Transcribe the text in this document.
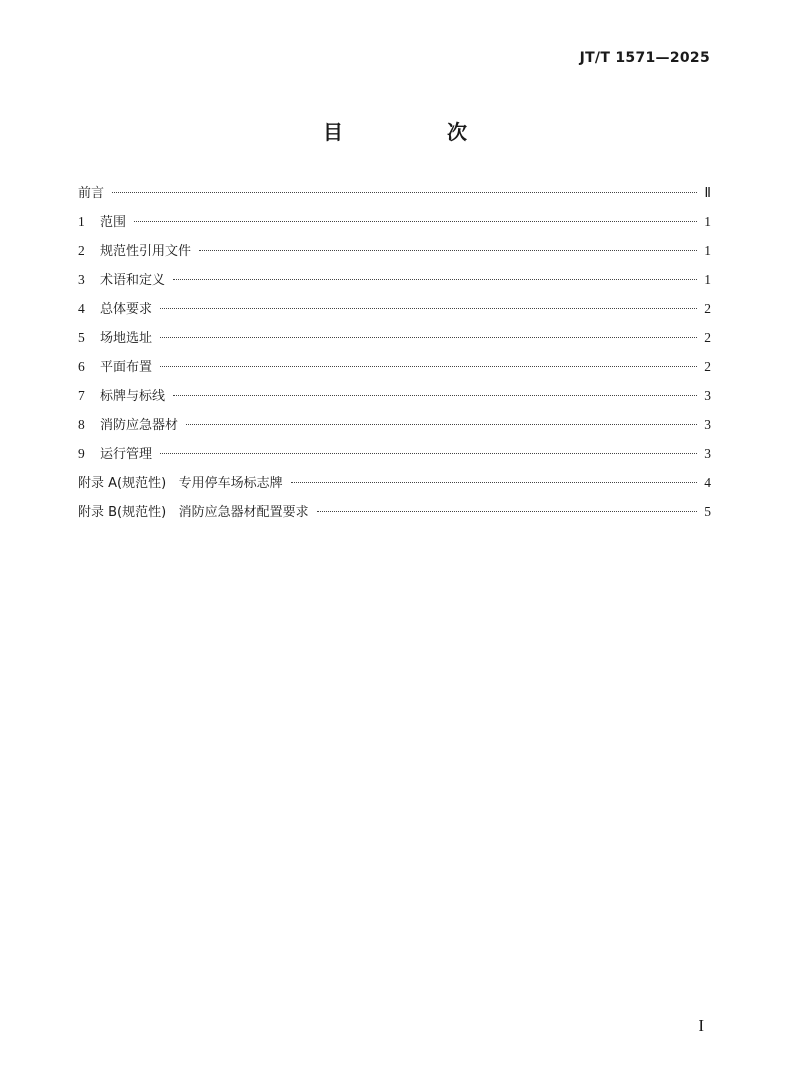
JT/T 1571—2025
目　次
前言	Ⅱ
1	范围	1
2	规范性引用文件	1
3	术语和定义	1
4	总体要求	2
5	场地选址	2
6	平面布置	2
7	标牌与标线	3
8	消防应急器材	3
9	运行管理	3
附录 A(规范性)   专用停车场标志牌	4
附录 B(规范性)   消防应急器材配置要求	5
I
